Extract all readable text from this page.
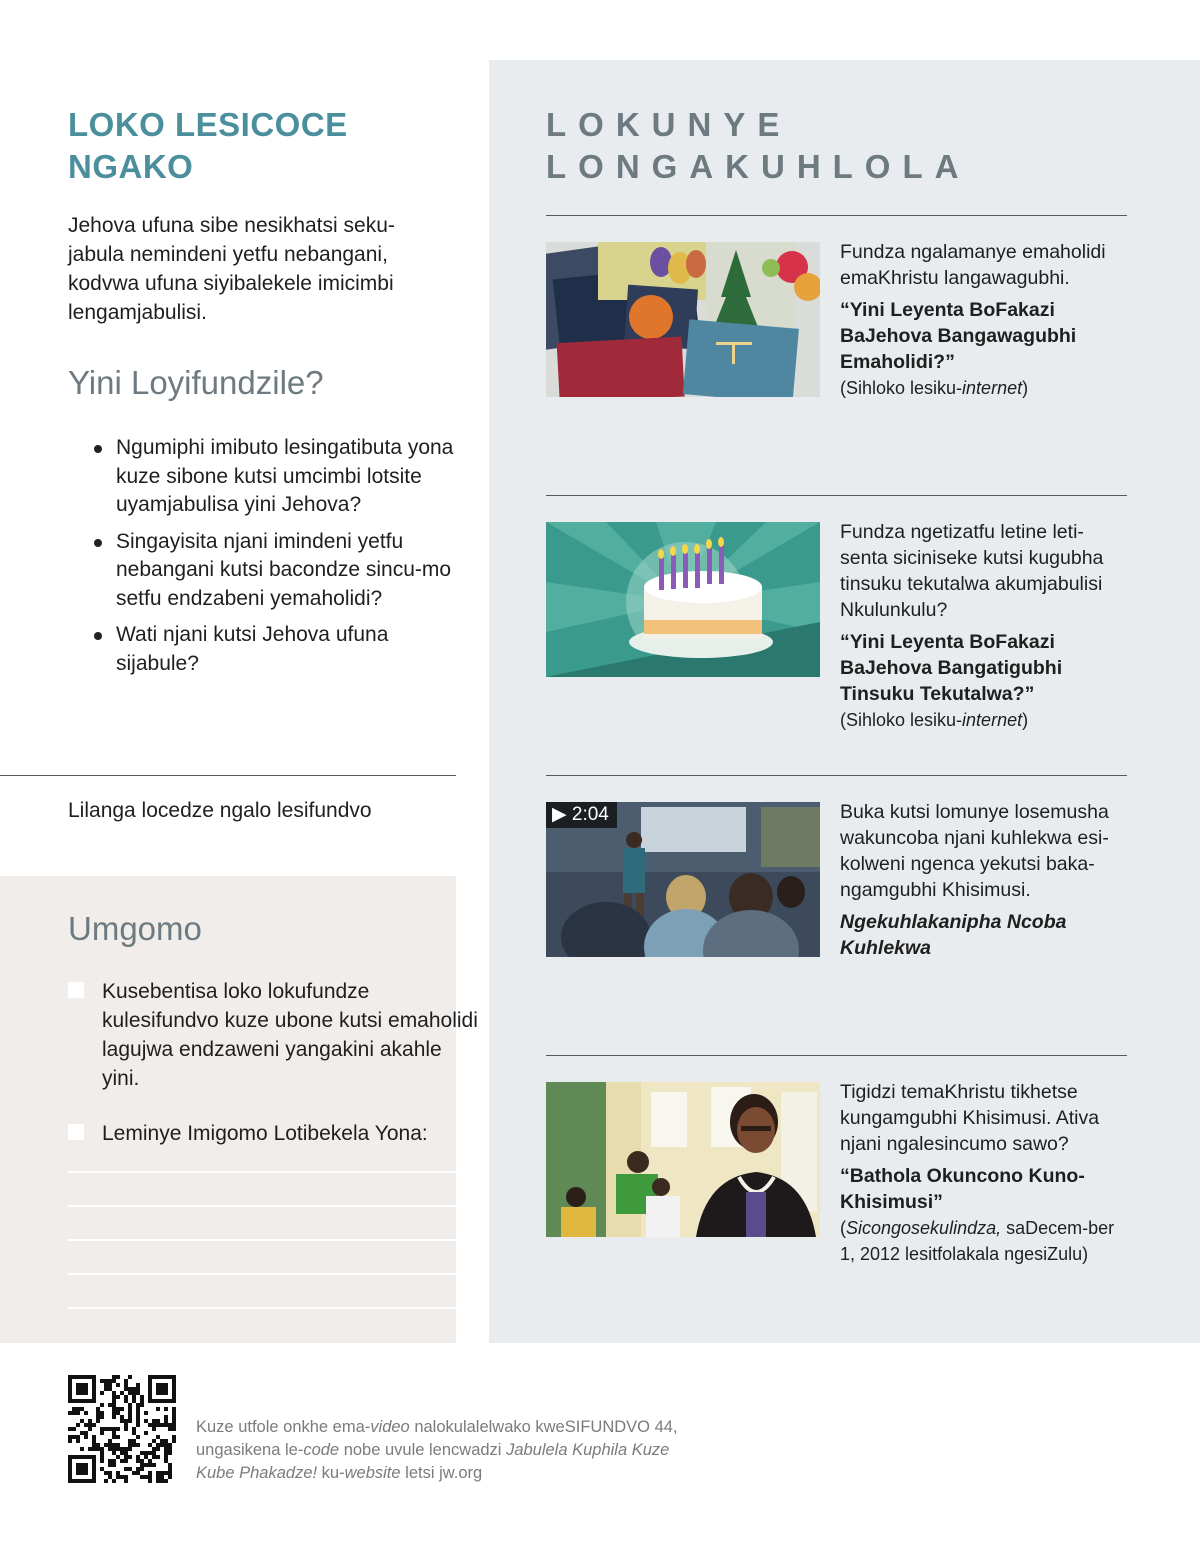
LOKO LESICOCE
NGAKO
Jehova ufuna sibe nesikhatsi seku-jabula nemindeni yetfu nebangani, kodvwa ufuna siyibalekele imicimbi lengamjabulisi.
Yini Loyifundzile?
Ngumiphi imibuto lesingatibuta yona kuze sibone kutsi umcimbi lotsite uyamjabulisa yini Jehova?
Singayisita njani imindeni yetfu nebangani kutsi bacondze sincu-mo setfu endzabeni yemaholidi?
Wati njani kutsi Jehova ufuna sijabule?
Lilanga locedze ngalo lesifundvo
Umgomo
Kusebentisa loko lokufundze kulesifundvo kuze ubone kutsi emaholidi lagujwa endzaweni yangakini akahle yini.
Leminye Imigomo Lotibekela Yona:
LOKUNYE
LONGAKUHLOLA

Fundza ngalamanye emaholidi emaKhristu langawagubhi.

“Yini Leyenta BoFakazi BaJehova Bangawagubhi Emaholidi?”

(Sihloko lesiku-internet)

Fundza ngetizatfu letine leti-senta siciniseke kutsi kugubha tinsuku tekutalwa akumjabulisi Nkulunkulu?

“Yini Leyenta BoFakazi BaJehova Bangatigubhi Tinsuku Tekutalwa?”

(Sihloko lesiku-internet)

▶ 2:04	Buka kutsi lomunye losemusha wakuncoba njani kuhlekwa esi-kolweni ngenca yekutsi baka-ngamgubhi Khisimusi.

Ngekuhlakanipha Ncoba Kuhlekwa

Tigidzi temaKhristu tikhetse kungamgubhi Khisimusi. Ativa njani ngalesincumo sawo?

“Bathola Okuncono Kuno-Khisimusi”

(Sicongosekulindza, saDecem-ber 1, 2012 lesitfolakala ngesiZulu)

Kuze utfole onkhe ema-video nalokulalelwako kweSIFUNDVO 44,
ungasikena le-code nobe uvule lencwadzi Jabulela Kuphila Kuze
Kube Phakadze! ku-website letsi jw.org
